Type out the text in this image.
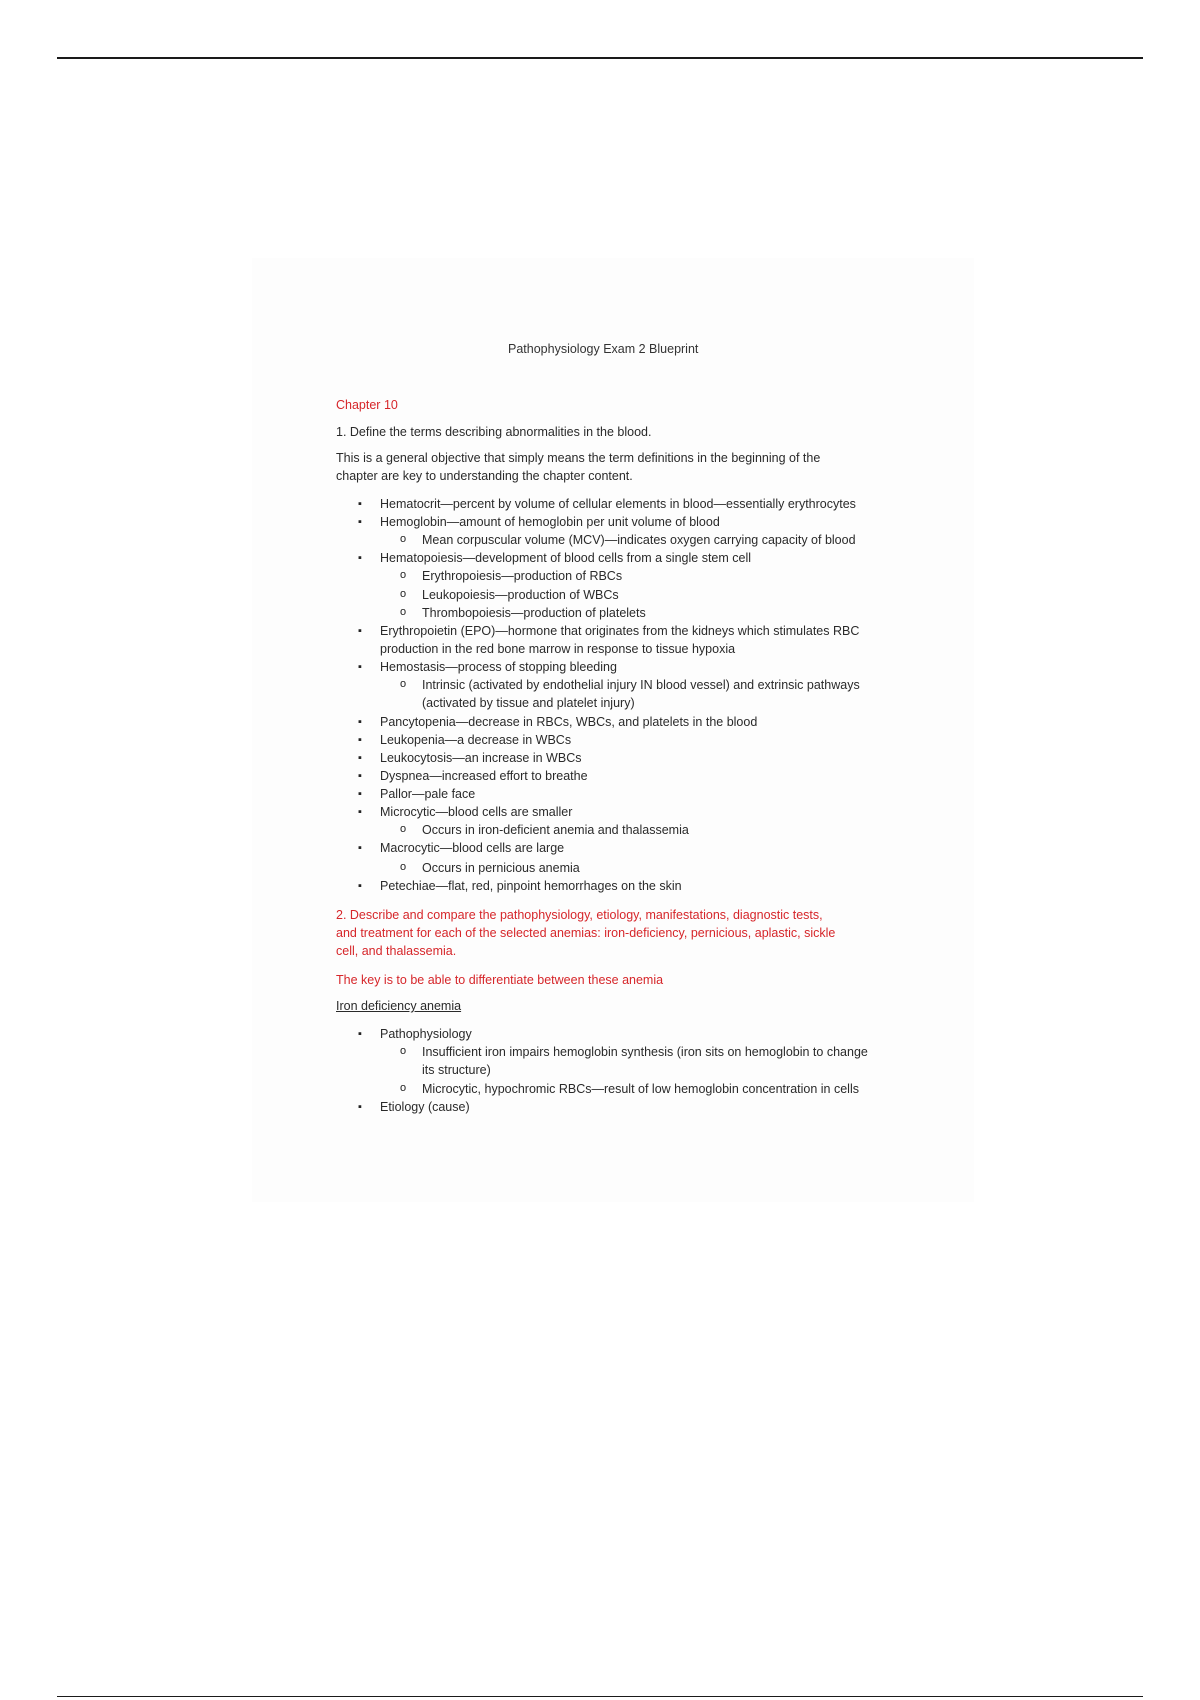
Pathophysiology Exam 2 Blueprint
Chapter 10
1. Define the terms describing abnormalities in the blood.
This is a general objective that simply means the term definitions in the beginning of the
chapter are key to understanding the chapter content.
▪ Hematocrit—percent by volume of cellular elements in blood—essentially erythrocytes
▪ Hemoglobin—amount of hemoglobin per unit volume of blood
o Mean corpuscular volume (MCV)—indicates oxygen carrying capacity of blood
▪ Hematopoiesis—development of blood cells from a single stem cell
o Erythropoiesis—production of RBCs
o Leukopoiesis—production of WBCs
o Thrombopoiesis—production of platelets
▪ Erythropoietin (EPO)—hormone that originates from the kidneys which stimulates RBC
production in the red bone marrow in response to tissue hypoxia
▪ Hemostasis—process of stopping bleeding
o Intrinsic (activated by endothelial injury IN blood vessel) and extrinsic pathways
(activated by tissue and platelet injury)
▪ Pancytopenia—decrease in RBCs, WBCs, and platelets in the blood
▪ Leukopenia—a decrease in WBCs
▪ Leukocytosis—an increase in WBCs
▪ Dyspnea—increased effort to breathe
▪ Pallor—pale face
▪ Microcytic—blood cells are smaller
o Occurs in iron-deficient anemia and thalassemia
▪ Macrocytic—blood cells are large
o Occurs in pernicious anemia
▪ Petechiae—flat, red, pinpoint hemorrhages on the skin
2. Describe and compare the pathophysiology, etiology, manifestations, diagnostic tests,
and treatment for each of the selected anemias: iron-deficiency, pernicious, aplastic, sickle
cell, and thalassemia.
The key is to be able to differentiate between these anemia
Iron deficiency anemia
▪ Pathophysiology
o Insufficient iron impairs hemoglobin synthesis (iron sits on hemoglobin to change
its structure)
o Microcytic, hypochromic RBCs—result of low hemoglobin concentration in cells
▪ Etiology (cause)
